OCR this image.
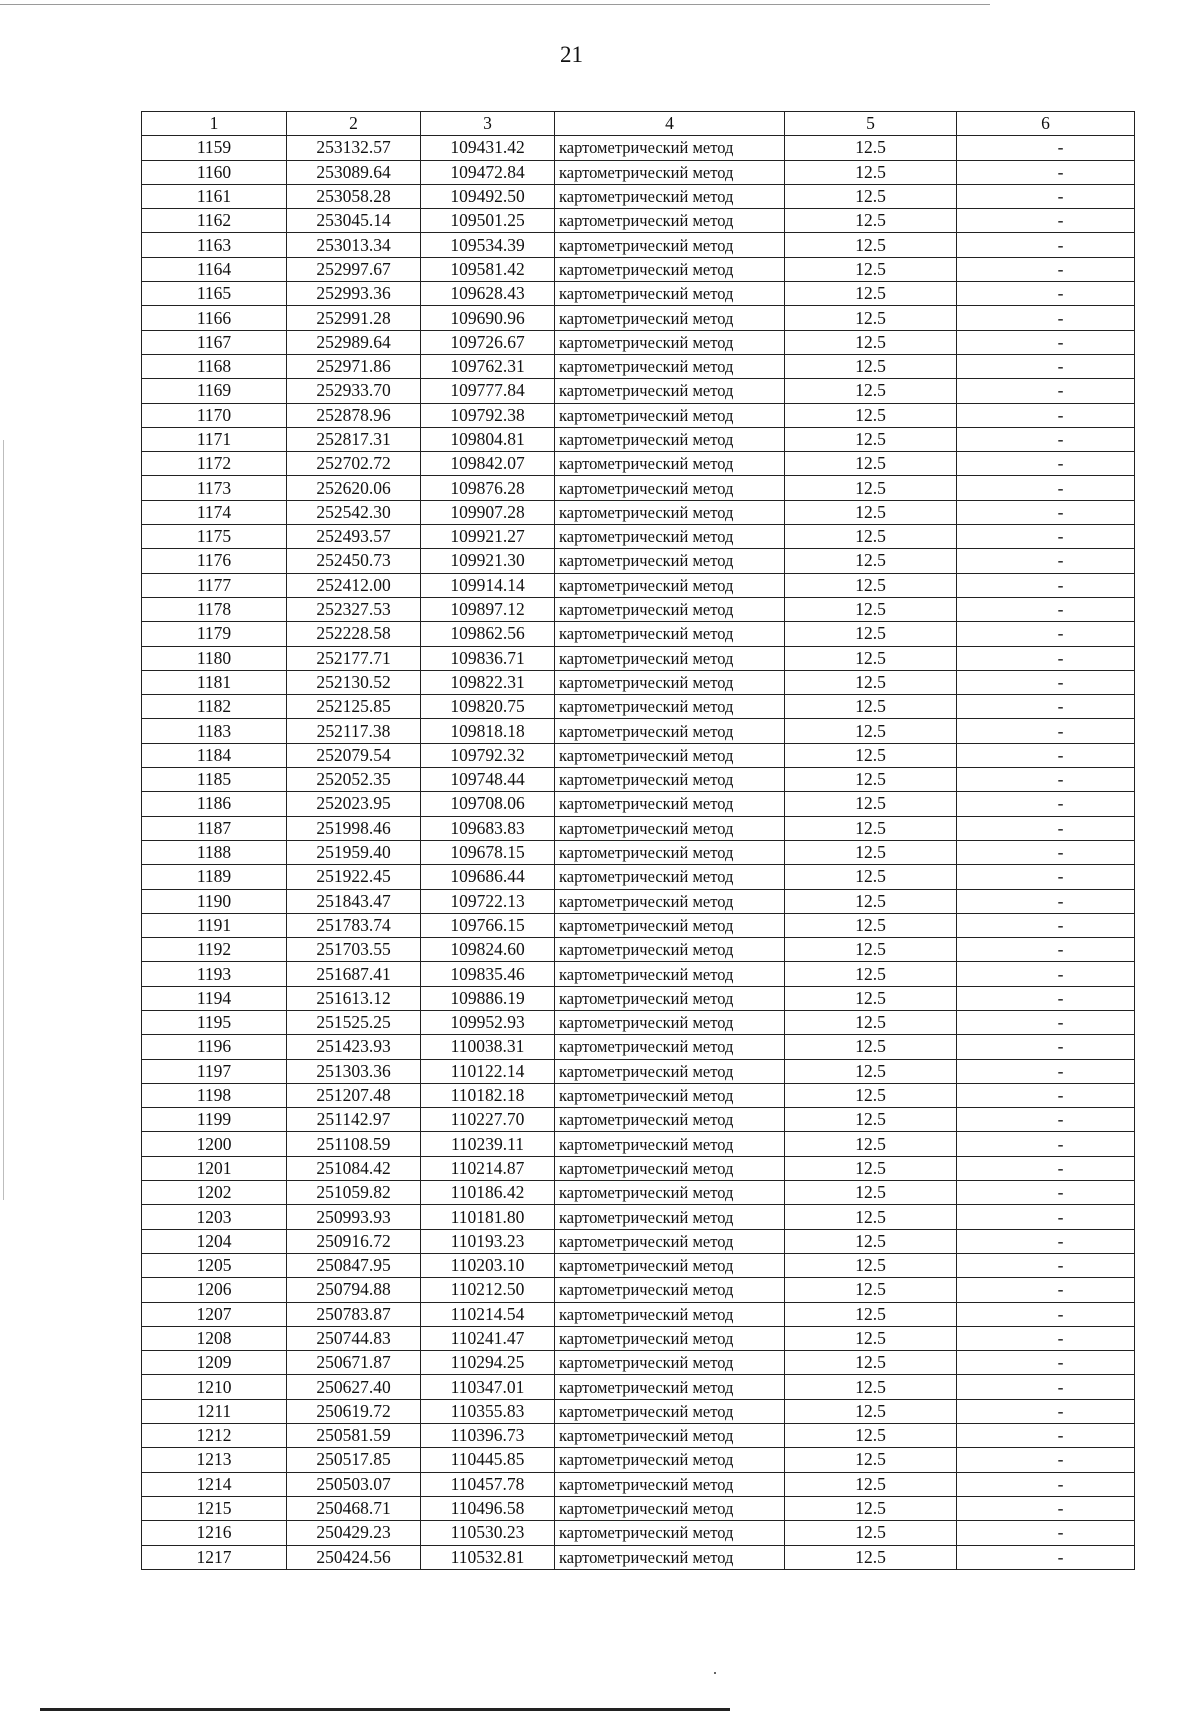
21
1	2	3	4	5	6
1159	253132.57	109431.42	картометрический метод	12.5	-
1160	253089.64	109472.84	картометрический метод	12.5	-
1161	253058.28	109492.50	картометрический метод	12.5	-
1162	253045.14	109501.25	картометрический метод	12.5	-
1163	253013.34	109534.39	картометрический метод	12.5	-
1164	252997.67	109581.42	картометрический метод	12.5	-
1165	252993.36	109628.43	картометрический метод	12.5	-
1166	252991.28	109690.96	картометрический метод	12.5	-
1167	252989.64	109726.67	картометрический метод	12.5	-
1168	252971.86	109762.31	картометрический метод	12.5	-
1169	252933.70	109777.84	картометрический метод	12.5	-
1170	252878.96	109792.38	картометрический метод	12.5	-
1171	252817.31	109804.81	картометрический метод	12.5	-
1172	252702.72	109842.07	картометрический метод	12.5	-
1173	252620.06	109876.28	картометрический метод	12.5	-
1174	252542.30	109907.28	картометрический метод	12.5	-
1175	252493.57	109921.27	картометрический метод	12.5	-
1176	252450.73	109921.30	картометрический метод	12.5	-
1177	252412.00	109914.14	картометрический метод	12.5	-
1178	252327.53	109897.12	картометрический метод	12.5	-
1179	252228.58	109862.56	картометрический метод	12.5	-
1180	252177.71	109836.71	картометрический метод	12.5	-
1181	252130.52	109822.31	картометрический метод	12.5	-
1182	252125.85	109820.75	картометрический метод	12.5	-
1183	252117.38	109818.18	картометрический метод	12.5	-
1184	252079.54	109792.32	картометрический метод	12.5	-
1185	252052.35	109748.44	картометрический метод	12.5	-
1186	252023.95	109708.06	картометрический метод	12.5	-
1187	251998.46	109683.83	картометрический метод	12.5	-
1188	251959.40	109678.15	картометрический метод	12.5	-
1189	251922.45	109686.44	картометрический метод	12.5	-
1190	251843.47	109722.13	картометрический метод	12.5	-
1191	251783.74	109766.15	картометрический метод	12.5	-
1192	251703.55	109824.60	картометрический метод	12.5	-
1193	251687.41	109835.46	картометрический метод	12.5	-
1194	251613.12	109886.19	картометрический метод	12.5	-
1195	251525.25	109952.93	картометрический метод	12.5	-
1196	251423.93	110038.31	картометрический метод	12.5	-
1197	251303.36	110122.14	картометрический метод	12.5	-
1198	251207.48	110182.18	картометрический метод	12.5	-
1199	251142.97	110227.70	картометрический метод	12.5	-
1200	251108.59	110239.11	картометрический метод	12.5	-
1201	251084.42	110214.87	картометрический метод	12.5	-
1202	251059.82	110186.42	картометрический метод	12.5	-
1203	250993.93	110181.80	картометрический метод	12.5	-
1204	250916.72	110193.23	картометрический метод	12.5	-
1205	250847.95	110203.10	картометрический метод	12.5	-
1206	250794.88	110212.50	картометрический метод	12.5	-
1207	250783.87	110214.54	картометрический метод	12.5	-
1208	250744.83	110241.47	картометрический метод	12.5	-
1209	250671.87	110294.25	картометрический метод	12.5	-
1210	250627.40	110347.01	картометрический метод	12.5	-
1211	250619.72	110355.83	картометрический метод	12.5	-
1212	250581.59	110396.73	картометрический метод	12.5	-
1213	250517.85	110445.85	картометрический метод	12.5	-
1214	250503.07	110457.78	картометрический метод	12.5	-
1215	250468.71	110496.58	картометрический метод	12.5	-
1216	250429.23	110530.23	картометрический метод	12.5	-
1217	250424.56	110532.81	картометрический метод	12.5	-
